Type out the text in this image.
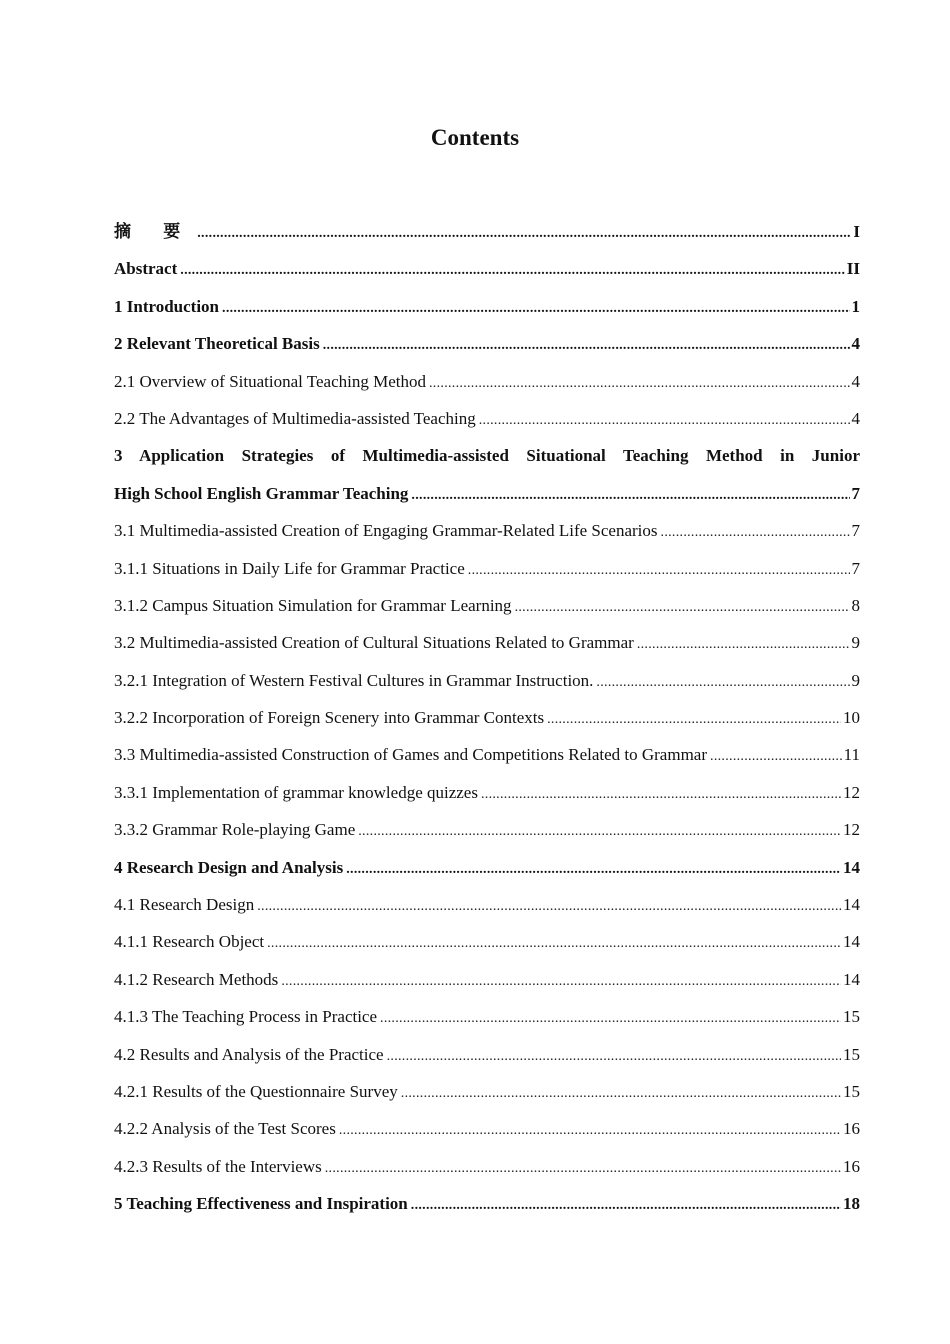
Contents
摘 要 .....	I
Abstract .....	II
1 Introduction .....	1
2 Relevant Theoretical Basis .....	4
2.1 Overview of Situational Teaching Method .....	4
2.2 The Advantages of Multimedia-assisted Teaching .....	4
3 Application Strategies of Multimedia-assisted Situational Teaching Method in Junior
High School English Grammar Teaching .....	7
3.1 Multimedia-assisted Creation of Engaging Grammar-Related Life Scenarios .....	7
3.1.1 Situations in Daily Life for Grammar Practice .....	7
3.1.2 Campus Situation Simulation for Grammar Learning .....	8
3.2 Multimedia-assisted Creation of Cultural Situations Related to Grammar .....	9
3.2.1 Integration of Western Festival Cultures in Grammar Instruction. .....	9
3.2.2 Incorporation of Foreign Scenery into Grammar Contexts .....	10
3.3 Multimedia-assisted Construction of Games and Competitions Related to Grammar .....	11
3.3.1 Implementation of grammar knowledge quizzes .....	12
3.3.2 Grammar Role-playing Game .....	12
4 Research Design and Analysis .....	14
4.1 Research Design .....	14
4.1.1 Research Object .....	14
4.1.2 Research Methods .....	14
4.1.3 The Teaching Process in Practice .....	15
4.2 Results and Analysis of the Practice .....	15
4.2.1 Results of the Questionnaire Survey .....	15
4.2.2 Analysis of the Test Scores .....	16
4.2.3 Results of the Interviews .....	16
5 Teaching Effectiveness and Inspiration .....	18
